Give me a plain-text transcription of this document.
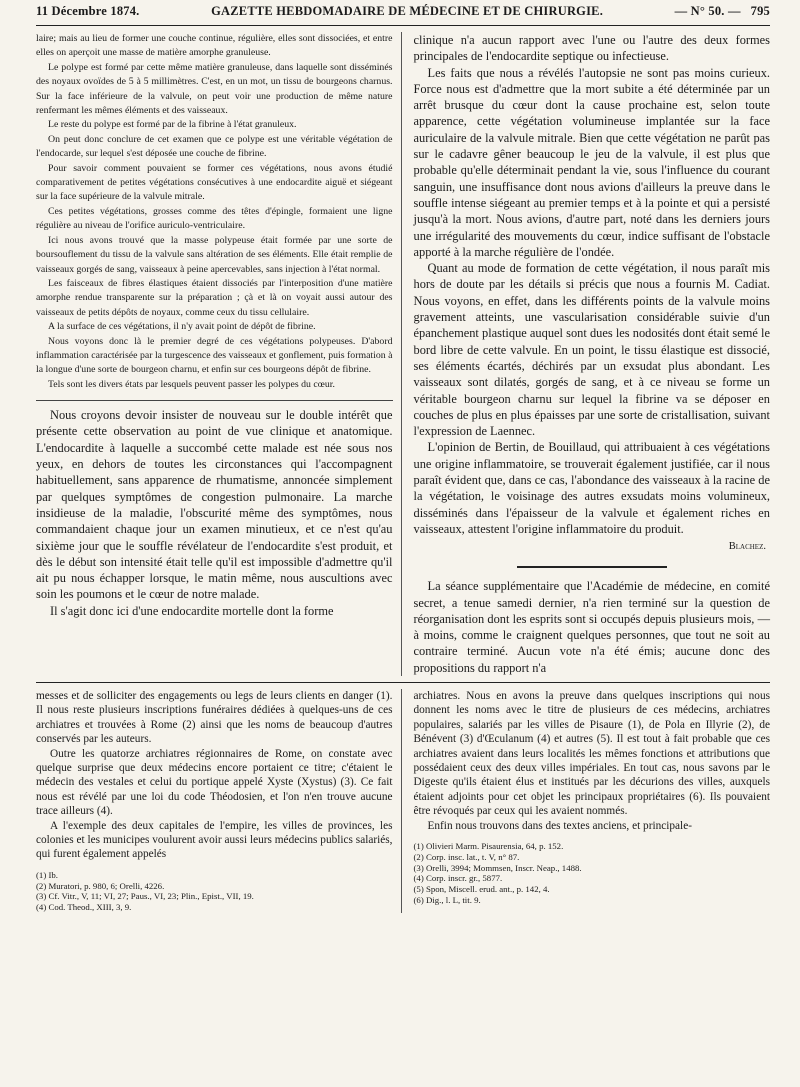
11 Décembre 1874.	GAZETTE HEBDOMADAIRE DE MÉDECINE ET DE CHIRURGIE.	— N° 50. — 795

laire; mais au lieu de former une couche continue, régulière, elles sont dissociées, et entre elles on aperçoit une masse de matière amorphe granuleuse.

Le polype est formé par cette même matière granuleuse, dans laquelle sont disséminés des noyaux ovoïdes de 5 à 5 millimètres. C'est, en un mot, un tissu de bourgeons charnus. Sur la face inférieure de la valvule, on peut voir une production de même nature renfermant les mêmes éléments et des vaisseaux.

Le reste du polype est formé par de la fibrine à l'état granuleux.

On peut donc conclure de cet examen que ce polype est une véritable végétation de l'endocarde, sur lequel s'est déposée une couche de fibrine.

Pour savoir comment pouvaient se former ces végétations, nous avons étudié comparativement de petites végétations consécutives à une endocardite aiguë et siégeant sur la face supérieure de la valvule mitrale.

Ces petites végétations, grosses comme des têtes d'épingle, formaient une ligne régulière au niveau de l'orifice auriculo-ventriculaire.

Ici nous avons trouvé que la masse polypeuse était formée par une sorte de boursouflement du tissu de la valvule sans altération de ses éléments. Elle était remplie de vaisseaux gorgés de sang, vaisseaux à peine apercevables, sans injection à l'état normal.

Les faisceaux de fibres élastiques étaient dissociés par l'interposition d'une matière amorphe rendue transparente sur la préparation ; çà et là on voyait aussi autour des vaisseaux de petits dépôts de noyaux, comme ceux du tissu cellulaire.

A la surface de ces végétations, il n'y avait point de dépôt de fibrine.

Nous voyons donc là le premier degré de ces végétations polypeuses. D'abord inflammation caractérisée par la turgescence des vaisseaux et gonflement, puis formation à la longue d'une sorte de bourgeon charnu, et enfin sur ces bourgeons dépôt de fibrine.

Tels sont les divers états par lesquels peuvent passer les polypes du cœur.

Nous croyons devoir insister de nouveau sur le double intérêt que présente cette observation au point de vue clinique et anatomique. L'endocardite à laquelle a succombé cette malade est née sous nos yeux, en dehors de toutes les circonstances qui l'accompagnent habituellement, sans apparence de rhumatisme, annoncée simplement par quelques symptômes de congestion pulmonaire. La marche insidieuse de la maladie, l'obscurité même des symptômes, nous commandaient chaque jour un examen minutieux, et ce n'est qu'au sixième jour que le souffle révélateur de l'endocardite s'est produit, et dès le début son intensité était telle qu'il est impossible d'admettre qu'il ait pu nous échapper lorsque, le matin même, nous auscultions avec soin les poumons et le cœur de notre malade.

Il s'agit donc ici d'une endocardite mortelle dont la forme

clinique n'a aucun rapport avec l'une ou l'autre des deux formes principales de l'endocardite septique ou infectieuse.

Les faits que nous a révélés l'autopsie ne sont pas moins curieux. Force nous est d'admettre que la mort subite a été déterminée par un arrêt brusque du cœur dont la cause prochaine est, selon toute apparence, cette végétation volumineuse implantée sur la face auriculaire de la valvule mitrale. Bien que cette végétation ne parût pas sur le cadavre gêner beaucoup le jeu de la valvule, il est plus que probable qu'elle déterminait pendant la vie, sous l'influence du courant sanguin, une insuffisance dont nous avions d'ailleurs la preuve dans le souffle intense siégeant au premier temps et à la pointe et qui a persisté jusqu'à la mort. Nous avions, d'autre part, noté dans les derniers jours une irrégularité des mouvements du cœur, indice suffisant de l'obstacle apporté à la marche régulière de l'ondée.

Quant au mode de formation de cette végétation, il nous paraît mis hors de doute par les détails si précis que nous a fournis M. Cadiat. Nous voyons, en effet, dans les différents points de la valvule moins gravement atteints, une vascularisation considérable suivie d'un épanchement plastique auquel sont dues les nodosités dont était semé le bord libre de cette valvule. En un point, le tissu élastique est dissocié, ses éléments écartés, déchirés par un exsudat plus abondant. Les vaisseaux sont dilatés, gorgés de sang, et à ce niveau se forme un véritable bourgeon charnu sur lequel la fibrine va se déposer en couches de plus en plus épaisses par une sorte de cristallisation, suivant l'expression de Laennec.

L'opinion de Bertin, de Bouillaud, qui attribuaient à ces végétations une origine inflammatoire, se trouverait également justifiée, car il nous paraît évident que, dans ce cas, l'abondance des vaisseaux à la racine de la végétation, le voisinage des autres exsudats moins volumineux, disséminés dans l'épaisseur de la valvule et également riches en vaisseaux, attestent l'origine inflammatoire du produit.

Blachez.

La séance supplémentaire que l'Académie de médecine, en comité secret, a tenue samedi dernier, n'a rien terminé sur la question de réorganisation dont les esprits sont si occupés depuis plusieurs mois, — à moins, comme le craignent quelques personnes, que tout ne soit au contraire terminé. Aucun vote n'a été émis; aucune donc des propositions du rapport n'a

messes et de solliciter des engagements ou legs de leurs clients en danger (1). Il nous reste plusieurs inscriptions funéraires dédiées à quelques-uns de ces archiatres et trouvées à Rome (2) ainsi que les noms de beaucoup d'autres conservés par les auteurs.

Outre les quatorze archiatres régionnaires de Rome, on constate avec quelque surprise que deux médecins encore portaient ce titre; c'étaient le médecin des vestales et celui du portique appelé Xyste (Xystus) (3). Ce fait nous est révélé par une loi du code Théodosien, et l'on n'en trouve aucune trace ailleurs (4).

A l'exemple des deux capitales de l'empire, les villes de provinces, les colonies et les municipes voulurent avoir aussi leurs médecins publics salariés, qui furent également appelés

(1) Ib.
(2) Muratori, p. 980, 6; Orelli, 4226.
(3) Cf. Vitr., V, 11; VI, 27; Paus., VI, 23; Plin., Epist., VII, 19.
(4) Cod. Theod., XIII, 3, 9.

archiatres. Nous en avons la preuve dans quelques inscriptions qui nous donnent les noms avec le titre de plusieurs de ces médecins, archiatres populaires, salariés par les villes de Pisaure (1), de Pola en Illyrie (2), de Bénévent (3) d'Œculanum (4) et autres (5). Il est tout à fait probable que ces archiatres avaient dans leurs localités les mêmes fonctions et attributions que possédaient ceux des deux villes impériales. En tout cas, nous savons par le Digeste qu'ils étaient élus et institués par les décurions des villes, auxquels étaient adjoints pour cet objet les principaux propriétaires (6). Ils pouvaient être révoqués par ceux qui les avaient nommés.

Enfin nous trouvons dans des textes anciens, et principale-

(1) Olivieri Marm. Pisaurensia, 64, p. 152.
(2) Corp. insc. lat., t. V, n° 87.
(3) Orelli, 3994; Mommsen, Inscr. Neap., 1488.
(4) Corp. inscr. gr., 5877.
(5) Spon, Miscell. erud. ant., p. 142, 4.
(6) Dig., l. L, tit. 9.
